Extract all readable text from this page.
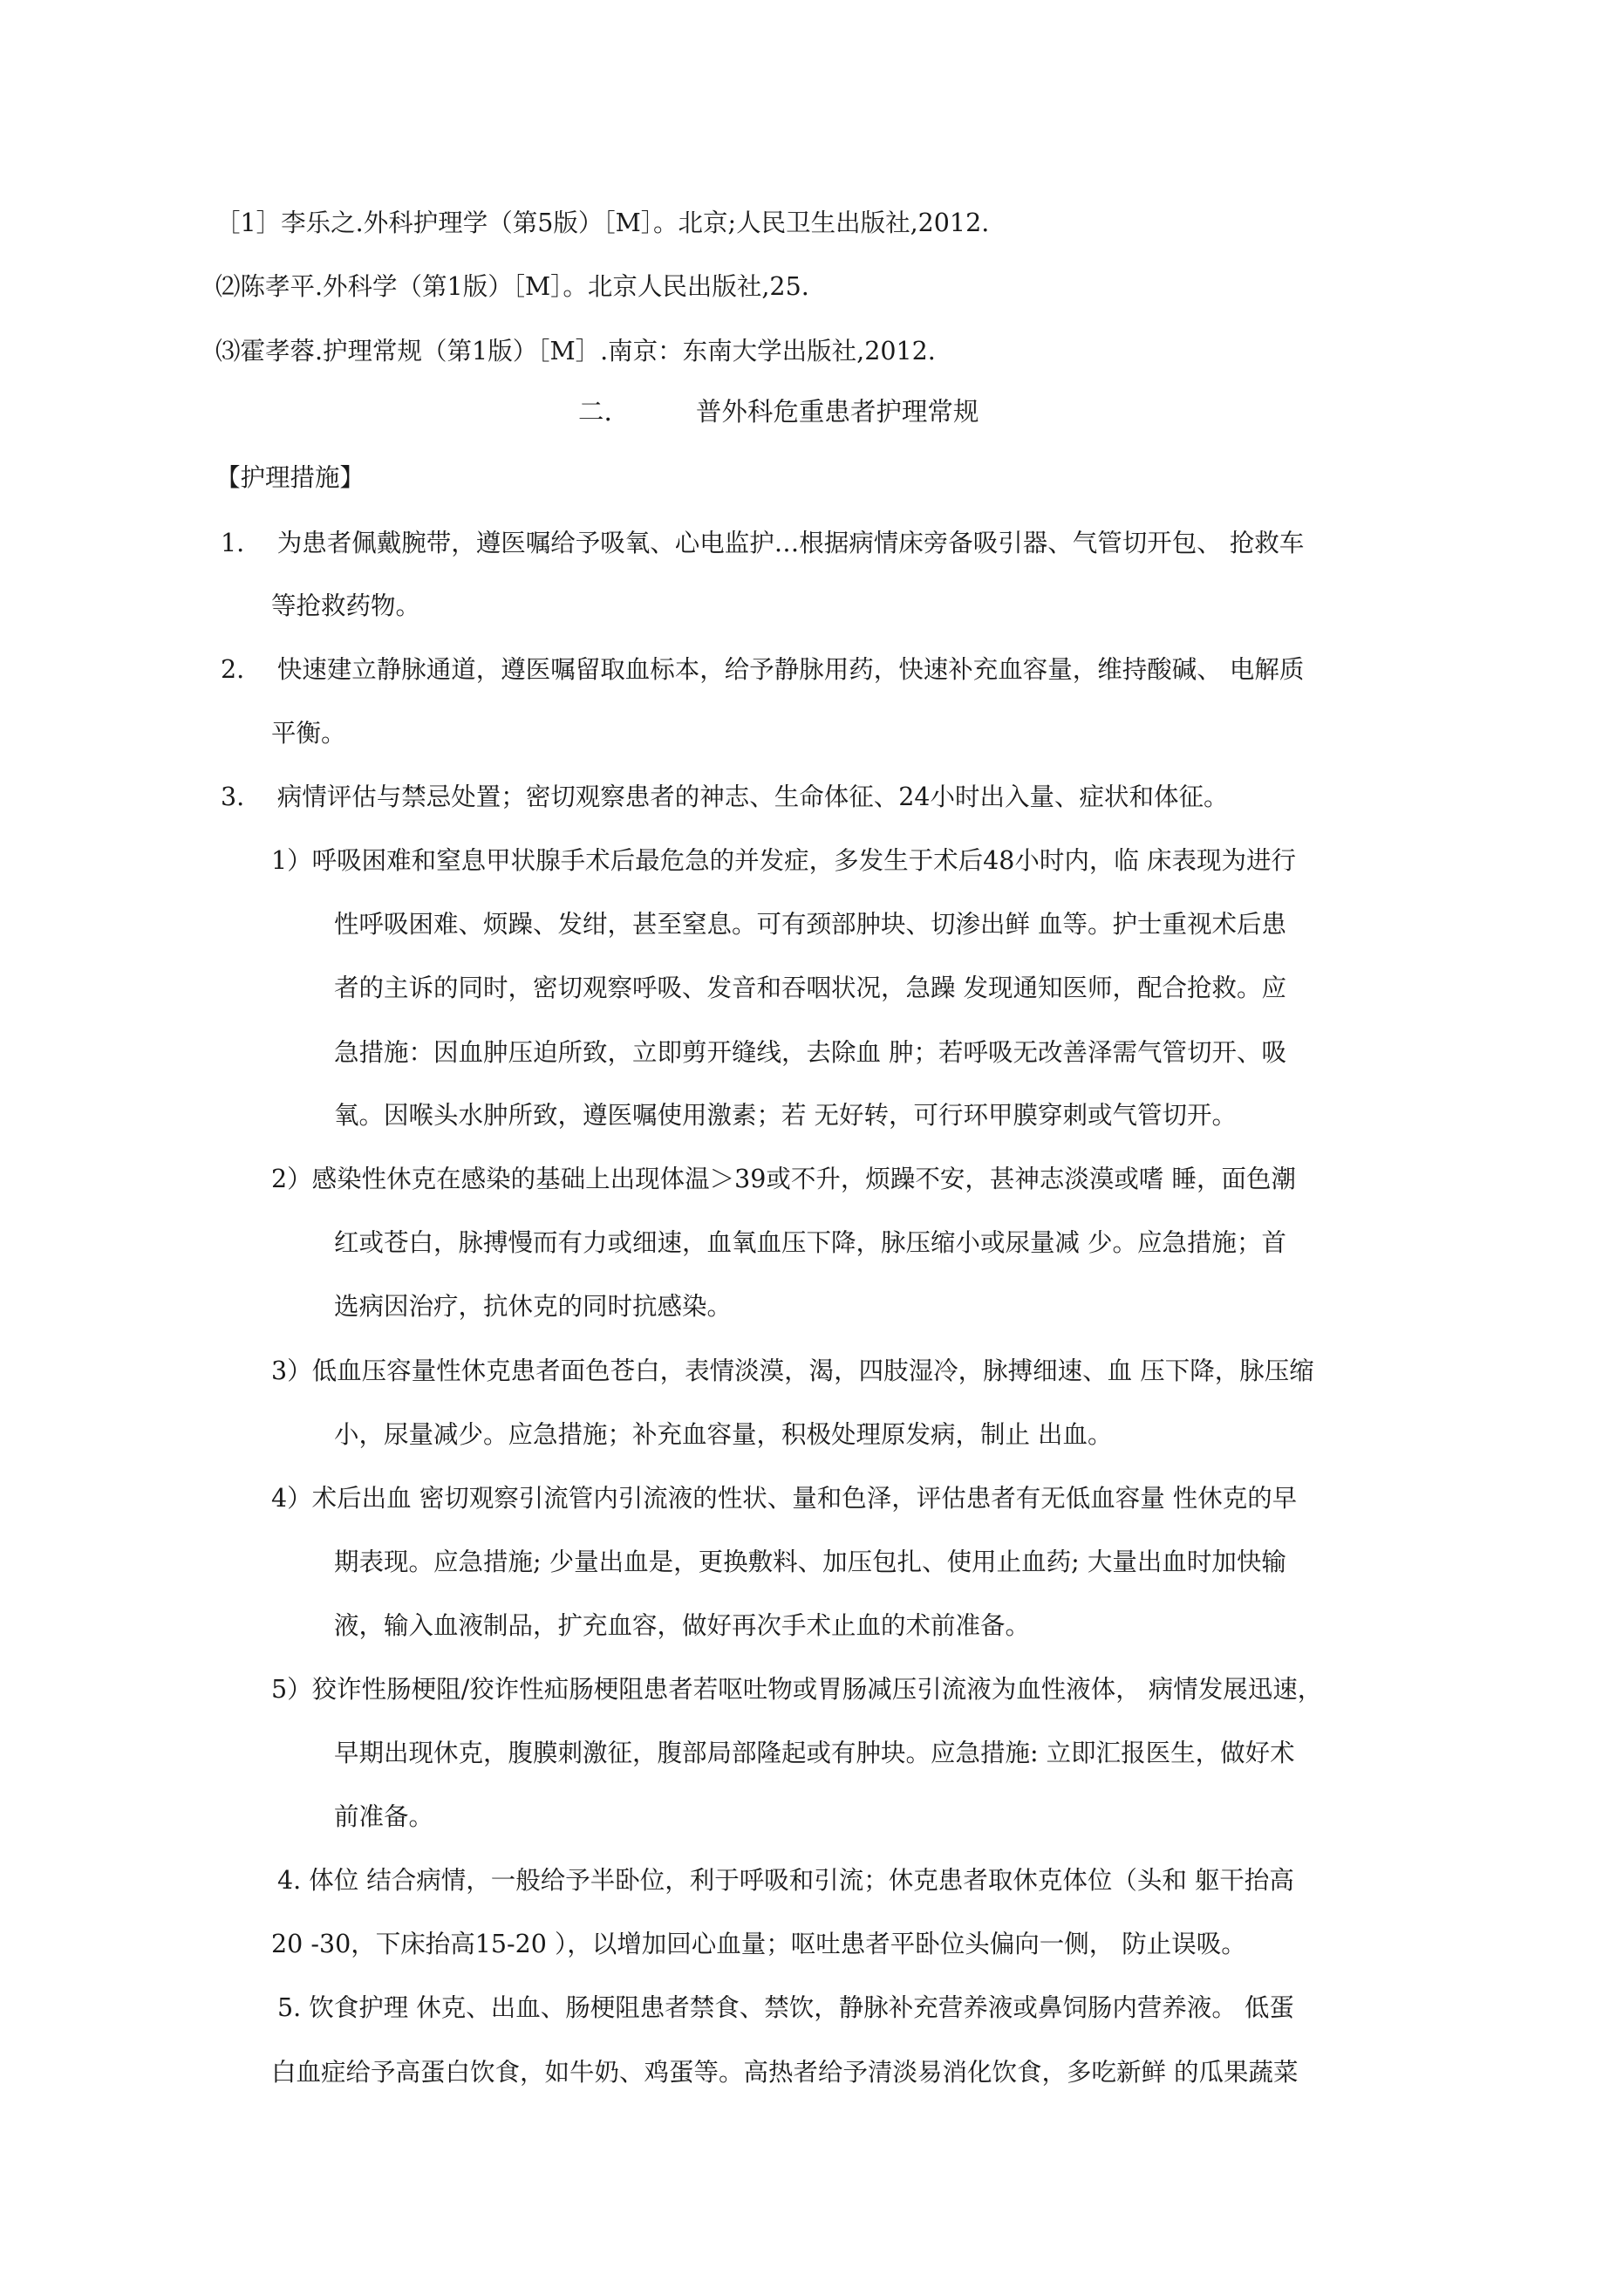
［1］李乐之.外科护理学（第5版）［M］。北京;人民卫生出版社,2012.
⑵陈孝平.外科学（第1版）［M］。北京人民出版社,25.
⑶霍孝蓉.护理常规（第1版）［M］.南京：东南大学出版社,2012.
二.	普外科危重患者护理常规
【护理措施】
1.　 为患者佩戴腕带，遵医嘱给予吸氧、心电监护…根据病情床旁备吸引器、气管切开包、 抢救车
等抢救药物。
2.　 快速建立静脉通道，遵医嘱留取血标本，给予静脉用药，快速补充血容量，维持酸碱、 电解质
平衡。
3.　 病情评估与禁忌处置；密切观察患者的神志、生命体征、24小时出入量、症状和体征。
1）呼吸困难和窒息甲状腺手术后最危急的并发症，多发生于术后48小时内，临 床表现为进行
性呼吸困难、烦躁、发绀，甚至窒息。可有颈部肿块、切渗出鲜 血等。护士重视术后患
者的主诉的同时，密切观察呼吸、发音和吞咽状况，急躁 发现通知医师，配合抢救。应
急措施：因血肿压迫所致，立即剪开缝线，去除血 肿；若呼吸无改善泽需气管切开、吸
氧。因喉头水肿所致，遵医嘱使用激素；若 无好转，可行环甲膜穿刺或气管切开。
2）感染性休克在感染的基础上出现体温＞39或不升，烦躁不安，甚神志淡漠或嗜 睡，面色潮
红或苍白，脉搏慢而有力或细速，血氧血压下降，脉压缩小或尿量减 少。应急措施；首
选病因治疗，抗休克的同时抗感染。
3）低血压容量性休克患者面色苍白，表情淡漠，渴，四肢湿冷，脉搏细速、血 压下降，脉压缩
小，尿量减少。应急措施；补充血容量，积极处理原发病，制止 出血。
4）术后出血 密切观察引流管内引流液的性状、量和色泽，评估患者有无低血容量 性休克的早
期表现。应急措施; 少量出血是，更换敷料、加压包扎、使用止血药; 大量出血时加快输
液，输入血液制品，扩充血容，做好再次手术止血的术前准备。
5）狡诈性肠梗阻/狡诈性疝肠梗阻患者若呕吐物或胃肠减压引流液为血性液体， 病情发展迅速，
早期出现休克，腹膜刺激征，腹部局部隆起或有肿块。应急措施: 立即汇报医生，做好术
前准备。
4. 体位 结合病情，一般给予半卧位，利于呼吸和引流；休克患者取休克体位（头和 躯干抬高
20 -30，下床抬高15-20 ），以增加回心血量；呕吐患者平卧位头偏向一侧， 防止误吸。
5. 饮食护理 休克、出血、肠梗阻患者禁食、禁饮，静脉补充营养液或鼻饲肠内营养液。 低蛋
白血症给予高蛋白饮食，如牛奶、鸡蛋等。高热者给予清淡易消化饮食，多吃新鲜 的瓜果蔬菜
